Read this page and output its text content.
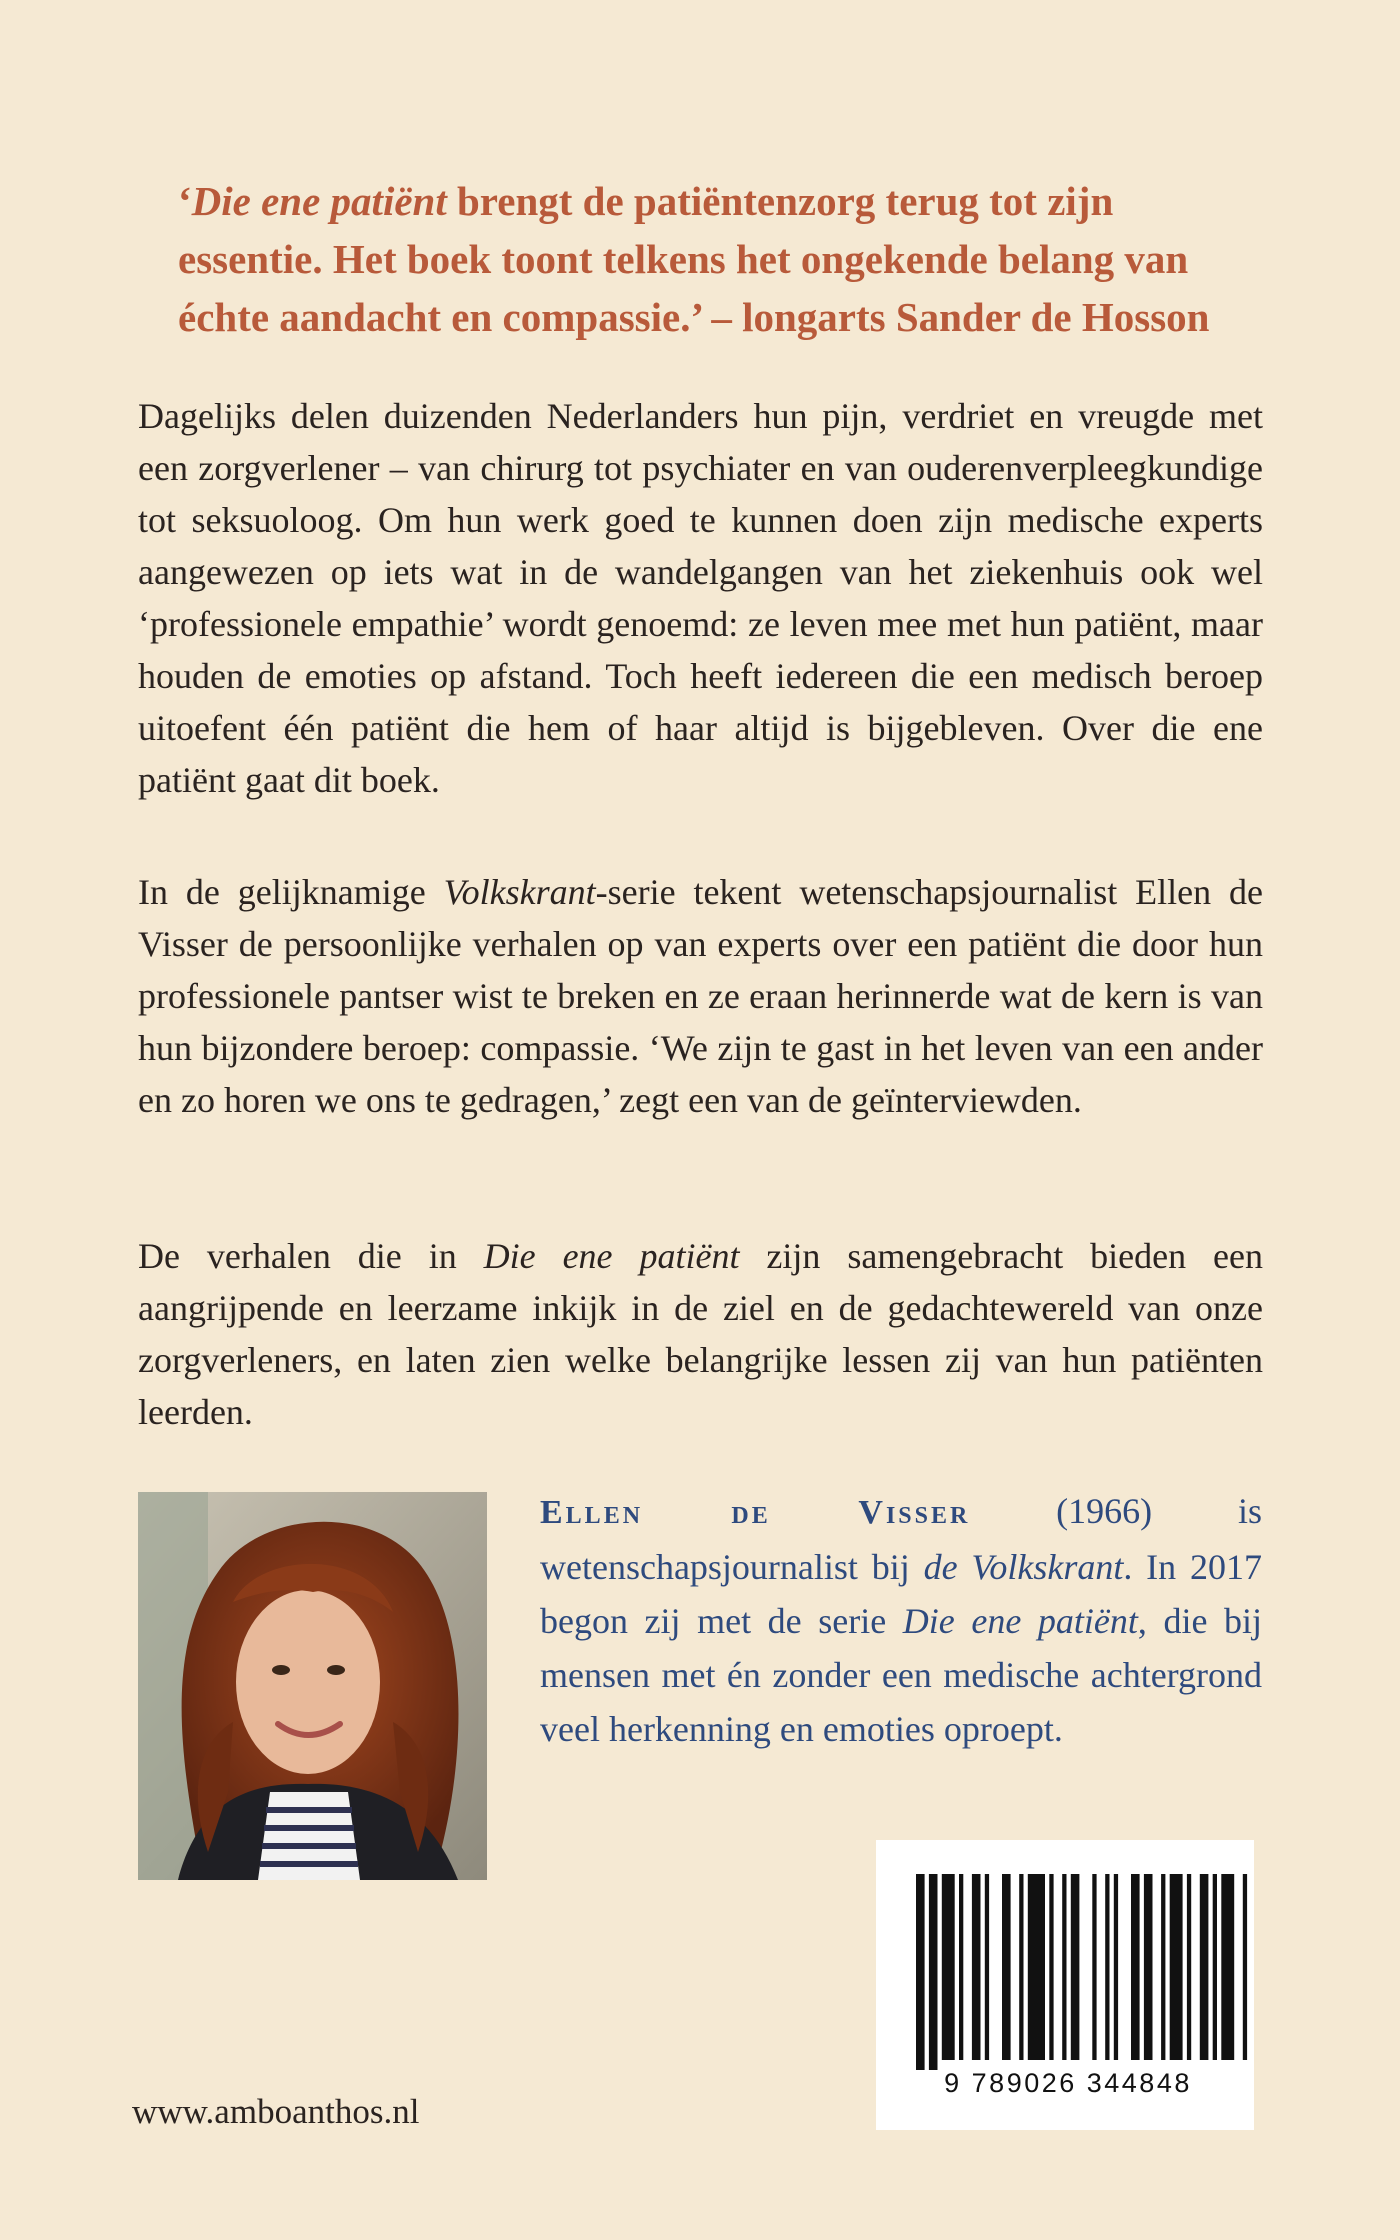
‘Die ene patiënt brengt de patiëntenzorg terug tot zijn essentie. Het boek toont telkens het ongekende belang van échte aandacht en compassie.’ – longarts Sander de Hosson

Dagelijks delen duizenden Nederlanders hun pijn, verdriet en vreugde met een zorgverlener – van chirurg tot psychiater en van ouderenverpleegkundige tot seksuoloog. Om hun werk goed te kunnen doen zijn medische experts aangewezen op iets wat in de wandelgangen van het ziekenhuis ook wel ‘professionele empathie’ wordt genoemd: ze leven mee met hun patiënt, maar houden de emoties op afstand. Toch heeft iedereen die een medisch beroep uitoefent één patiënt die hem of haar altijd is bijgebleven. Over die ene patiënt gaat dit boek.

In de gelijknamige Volkskrant-serie tekent wetenschapsjournalist Ellen de Visser de persoonlijke verhalen op van experts over een patiënt die door hun professionele pantser wist te breken en ze eraan herinnerde wat de kern is van hun bijzondere beroep: compassie. ‘We zijn te gast in het leven van een ander en zo horen we ons te gedragen,’ zegt een van de geïnterviewden.

De verhalen die in Die ene patiënt zijn samengebracht bieden een aangrijpende en leerzame inkijk in de ziel en de gedachtewereld van onze zorgverleners, en laten zien welke belangrijke lessen zij van hun patiënten leerden.

Ellen de Visser (1966) is wetenschapsjournalist bij de Volkskrant. In 2017 begon zij met de serie Die ene patiënt, die bij mensen met én zonder een medische achtergrond veel herkenning en emoties oproept.

9 789026 344848
www.amboanthos.nl
